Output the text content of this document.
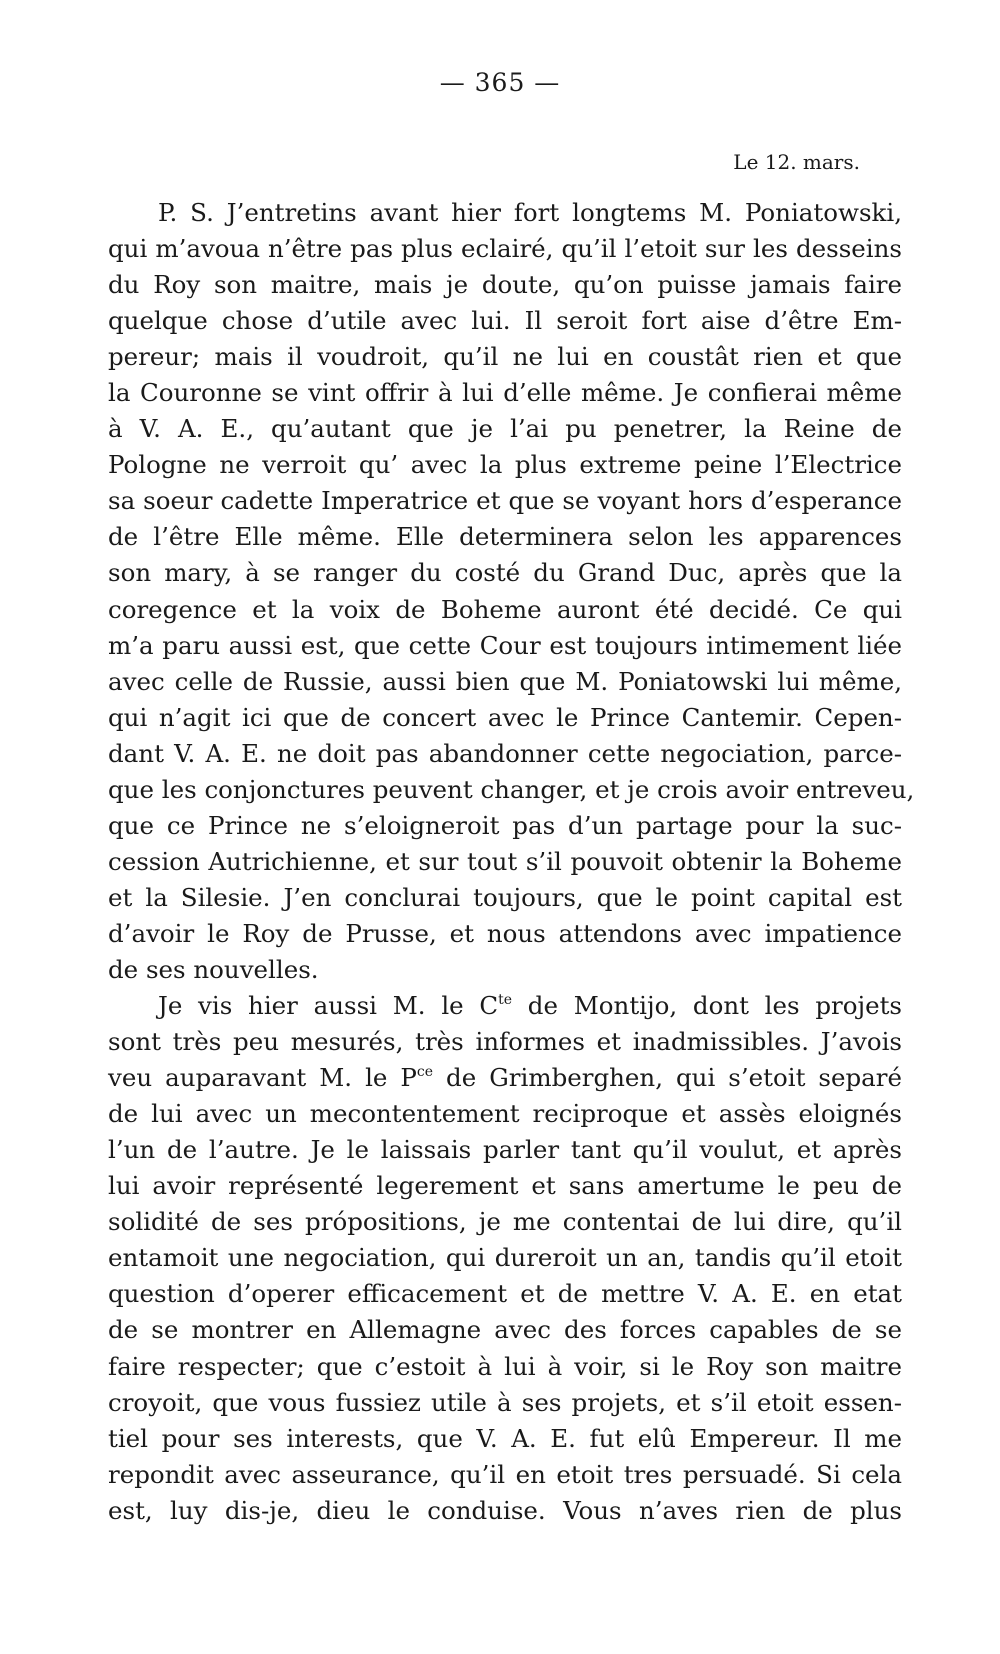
— 365 —
Le 12. mars.
P. S. J’entretins avant hier fort longtems M. Poniatowski,
qui m’avoua n’être pas plus eclairé, qu’il l’etoit sur les desseins
du Roy son maitre, mais je doute, qu’on puisse jamais faire
quelque chose d’utile avec lui. Il seroit fort aise d’être Em-
pereur; mais il voudroit, qu’il ne lui en coustât rien et que
la Couronne se vint offrir à lui d’elle même. Je confierai même
à V. A. E., qu’autant que je l’ai pu penetrer, la Reine de
Pologne ne verroit qu’ avec la plus extreme peine l’Electrice
sa soeur cadette Imperatrice et que se voyant hors d’esperance
de l’être Elle même. Elle determinera selon les apparences
son mary, à se ranger du costé du Grand Duc, après que la
coregence et la voix de Boheme auront été decidé. Ce qui
m’a paru aussi est, que cette Cour est toujours intimement liée
avec celle de Russie, aussi bien que M. Poniatowski lui même,
qui n’agit ici que de concert avec le Prince Cantemir. Cepen-
dant V. A. E. ne doit pas abandonner cette negociation, parce-
que les conjonctures peuvent changer, et je crois avoir entreveu,
que ce Prince ne s’eloigneroit pas d’un partage pour la suc-
cession Autrichienne, et sur tout s’il pouvoit obtenir la Boheme
et la Silesie. J’en conclurai toujours, que le point capital est
d’avoir le Roy de Prusse, et nous attendons avec impatience
de ses nouvelles.
Je vis hier aussi M. le $C^{te}$ de Montijo, dont les projets
sont très peu mesurés, très informes et inadmissibles. J’avois
veu auparavant M. le $P^{ce}$ de Grimberghen, qui s’etoit separé
de lui avec un mecontentement reciproque et assès eloignés
l’un de l’autre. Je le laissais parler tant qu’il voulut, et après
lui avoir représenté legerement et sans amertume le peu de
solidité de ses própositions, je me contentai de lui dire, qu’il
entamoit une negociation, qui dureroit un an, tandis qu’il etoit
question d’operer efficacement et de mettre V. A. E. en etat
de se montrer en Allemagne avec des forces capables de se
faire respecter; que c’estoit à lui à voir, si le Roy son maitre
croyoit, que vous fussiez utile à ses projets, et s’il etoit essen-
tiel pour ses interests, que V. A. E. fut elû Empereur. Il me
repondit avec asseurance, qu’il en etoit tres persuadé. Si cela
est, luy dis-je, dieu le conduise. Vous n’aves rien de plus
